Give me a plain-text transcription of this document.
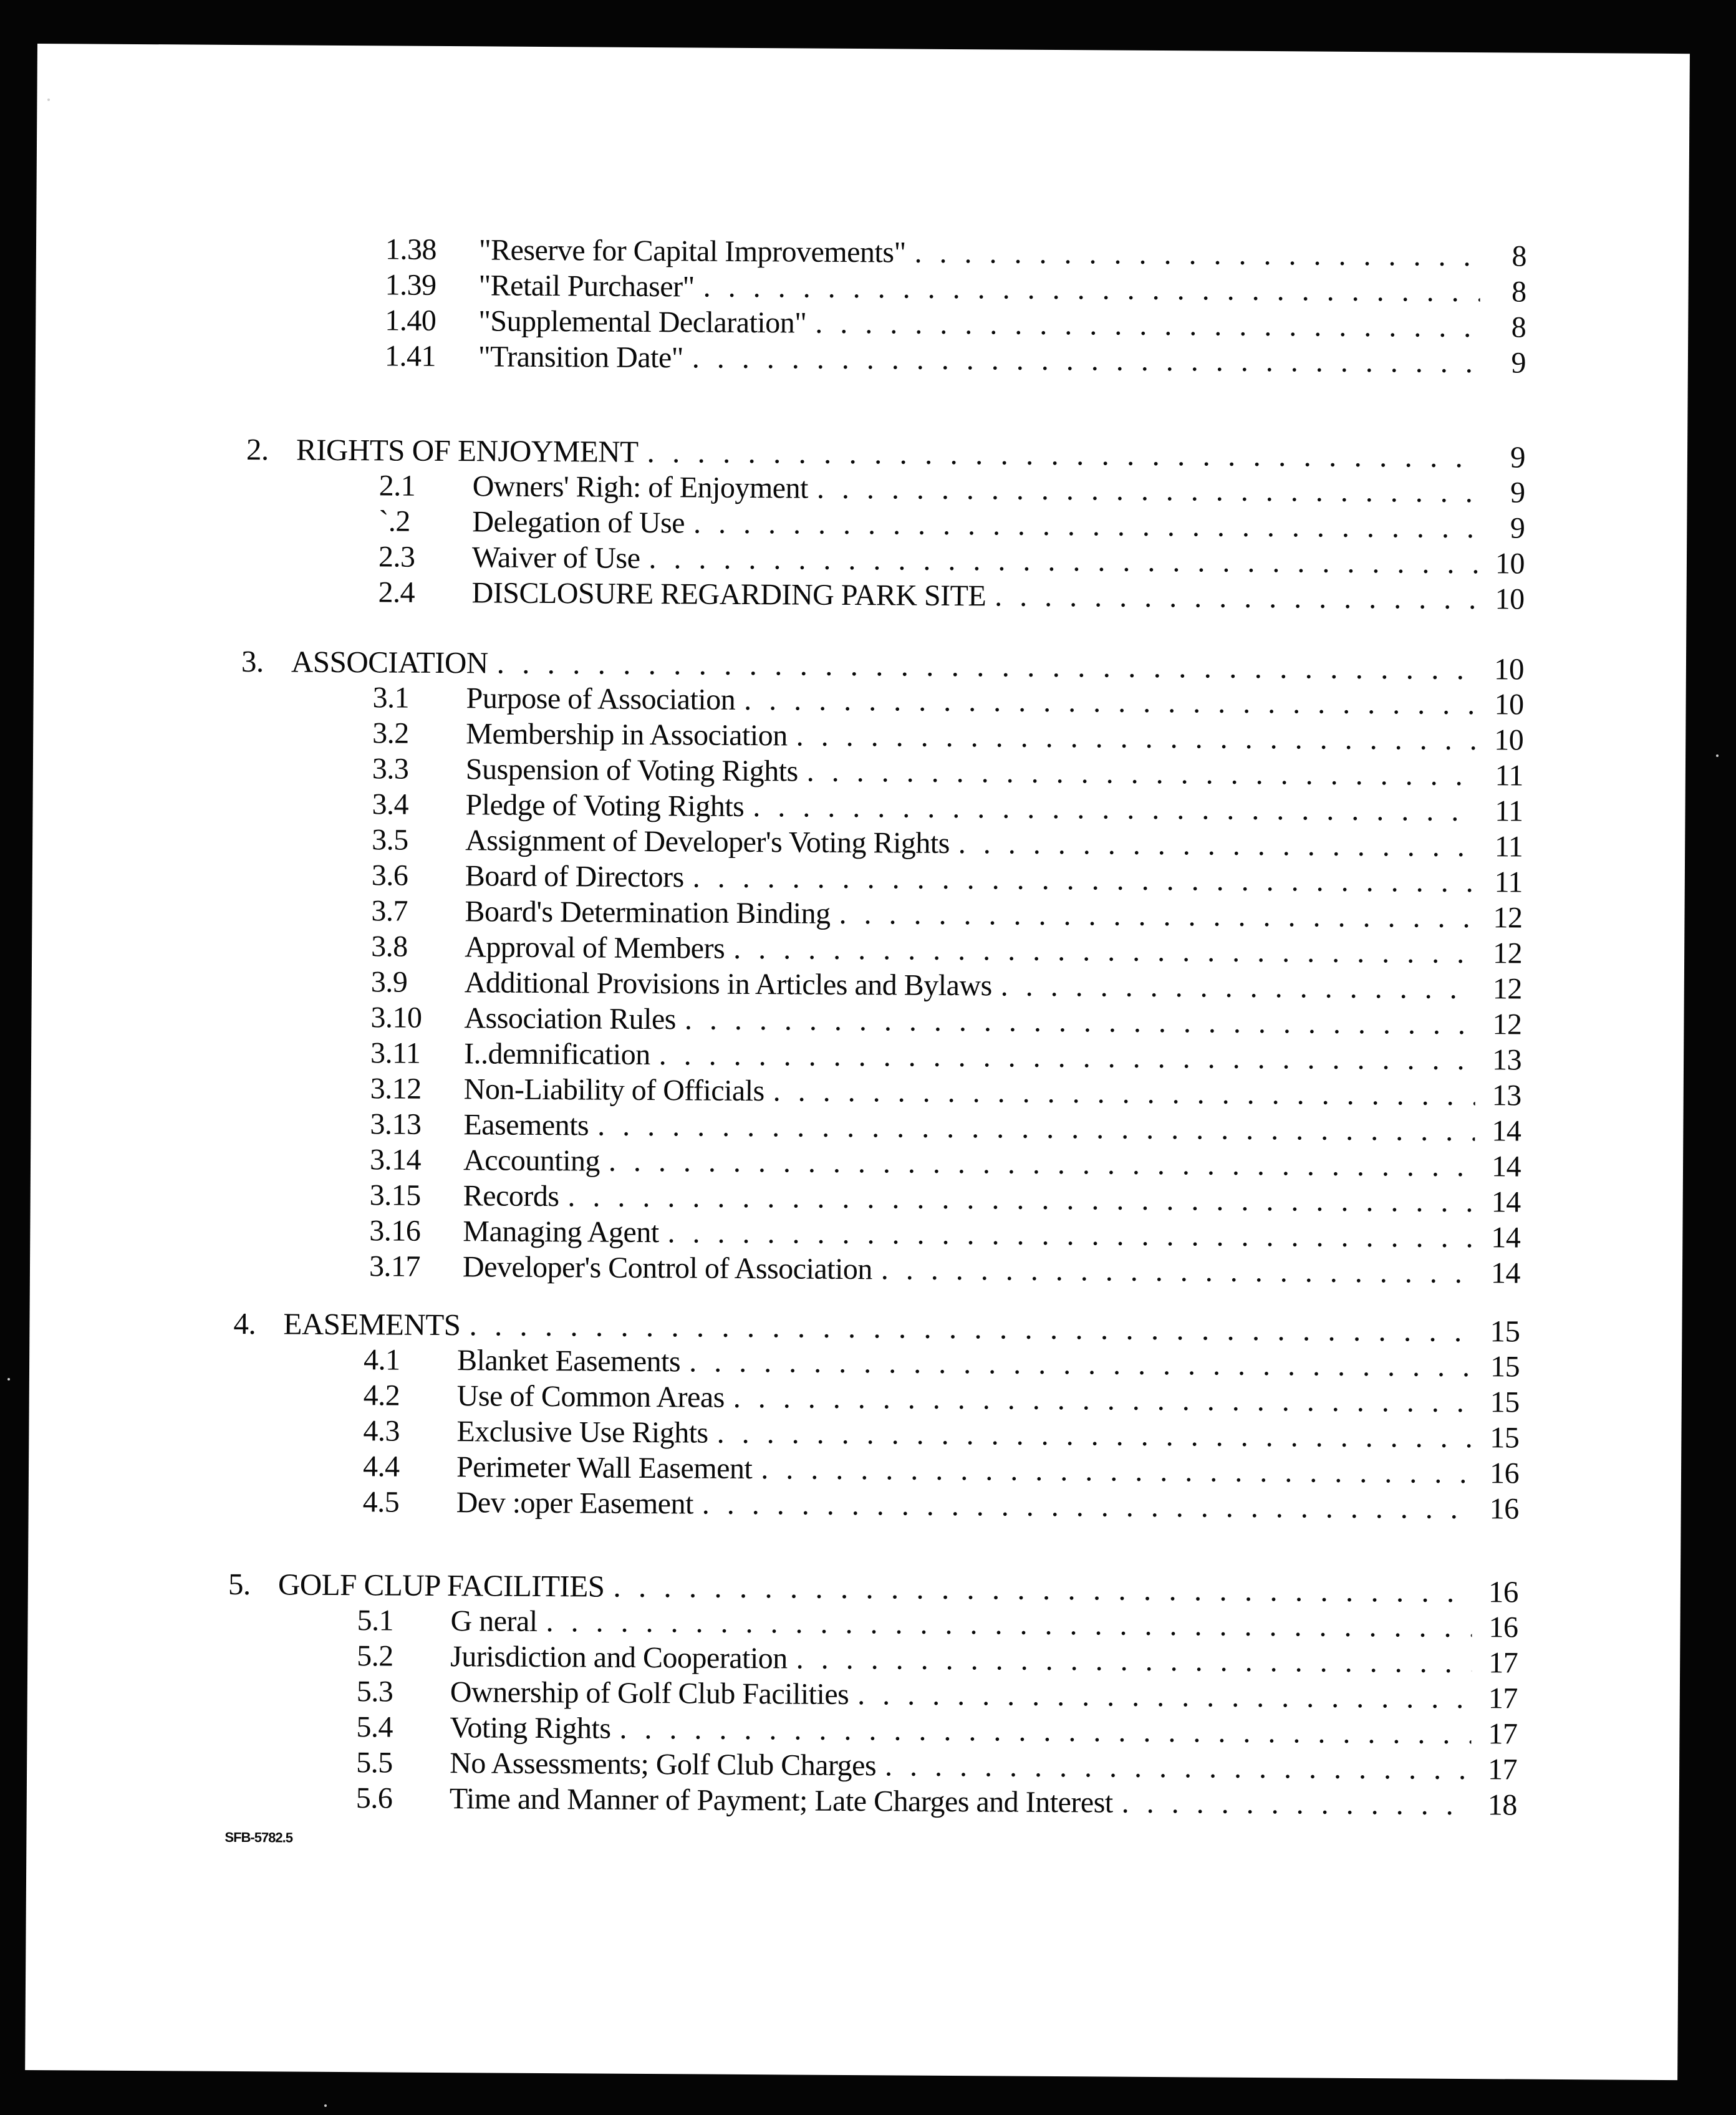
1.38	"Reserve for Capital Improvements" . . .	8
1.39	"Retail Purchaser" . . .	8
1.40	"Supplemental Declaration" . . .	8
1.41	"Transition Date" . . .	9
2. RIGHTS OF ENJOYMENT . . .	9
2.1	Owners' Righ: of Enjoyment . . .	9
`.2	Delegation of Use . . .	9
2.3	Waiver of Use . . .	10
2.4	DISCLOSURE REGARDING PARK SITE . . .	10
3. ASSOCIATION . . .	10
3.1	Purpose of Association . . .	10
3.2	Membership in Association . . .	10
3.3	Suspension of Voting Rights . . .	11
3.4	Pledge of Voting Rights . . .	11
3.5	Assignment of Developer's Voting Rights . . .	11
3.6	Board of Directors . . .	11
3.7	Board's Determination Binding . . .	12
3.8	Approval of Members . . .	12
3.9	Additional Provisions in Articles and Bylaws . . .	12
3.10	Association Rules . . .	12
3.11	I..demnification . . .	13
3.12	Non-Liability of Officials . . .	13
3.13	Easements . . .	14
3.14	Accounting . . .	14
3.15	Records . . .	14
3.16	Managing Agent . . .	14
3.17	Developer's Control of Association . . .	14
4. EASEMENTS . . .	15
4.1	Blanket Easements . . .	15
4.2	Use of Common Areas . . .	15
4.3	Exclusive Use Rights . . .	15
4.4	Perimeter Wall Easement . . .	16
4.5	Dev :oper Easement . . .	16
5. GOLF CLUP FACILITIES . . .	16
5.1	G neral . . .	16
5.2	Jurisdiction and Cooperation . . .	17
5.3	Ownership of Golf Club Facilities . . .	17
5.4	Voting Rights . . .	17
5.5	No Assessments; Golf Club Charges . . .	17
5.6	Time and Manner of Payment; Late Charges and Interest . . .	18
SFB-5782.5
